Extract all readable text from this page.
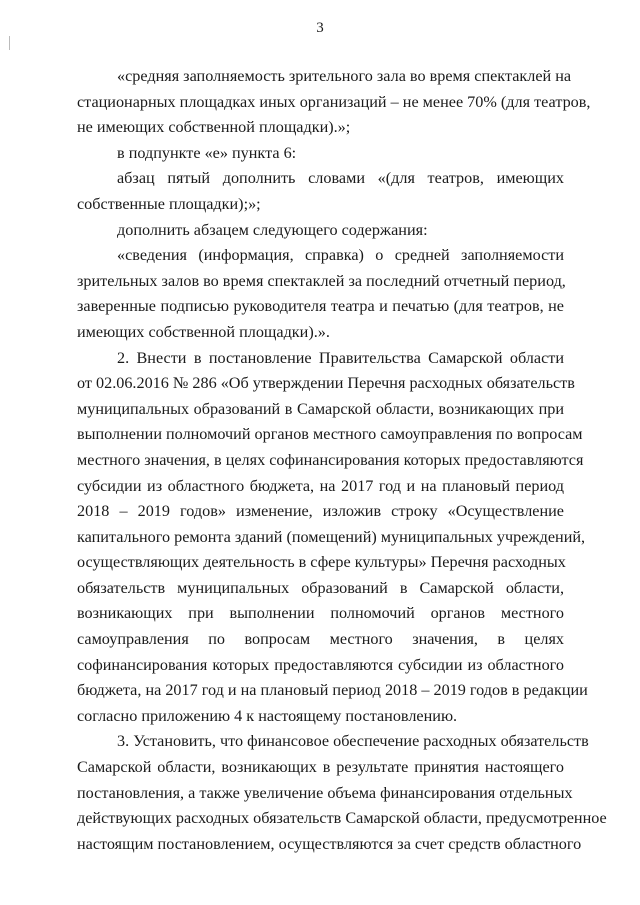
3
«средняя заполняемость зрительного зала во время спектаклей на
стационарных площадках иных организаций – не менее 70% (для театров,
не имеющих собственной площадки).»;
в подпункте «е» пункта 6:
абзац пятый дополнить словами «(для театров, имеющих
собственные площадки);»;
дополнить абзацем следующего содержания:
«сведения (информация, справка) о средней заполняемости
зрительных залов во время спектаклей за последний отчетный период,
заверенные подписью руководителя театра и печатью (для театров, не
имеющих собственной площадки).».
2. Внести в постановление Правительства Самарской области
от 02.06.2016 № 286 «Об утверждении Перечня расходных обязательств
муниципальных образований в Самарской области, возникающих при
выполнении полномочий органов местного самоуправления по вопросам
местного значения, в целях софинансирования которых предоставляются
субсидии из областного бюджета, на 2017 год и на плановый период
2018 – 2019 годов» изменение, изложив строку «Осуществление
капитального ремонта зданий (помещений) муниципальных учреждений,
осуществляющих деятельность в сфере культуры» Перечня расходных
обязательств муниципальных образований в Самарской области,
возникающих при выполнении полномочий органов местного
самоуправления по вопросам местного значения, в целях
софинансирования которых предоставляются субсидии из областного
бюджета, на 2017 год и на плановый период 2018 – 2019 годов в редакции
согласно приложению 4 к настоящему постановлению.
3. Установить, что финансовое обеспечение расходных обязательств
Самарской области, возникающих в результате принятия настоящего
постановления, а также увеличение объема финансирования отдельных
действующих расходных обязательств Самарской области, предусмотренное
настоящим постановлением, осуществляются за счет средств областного
